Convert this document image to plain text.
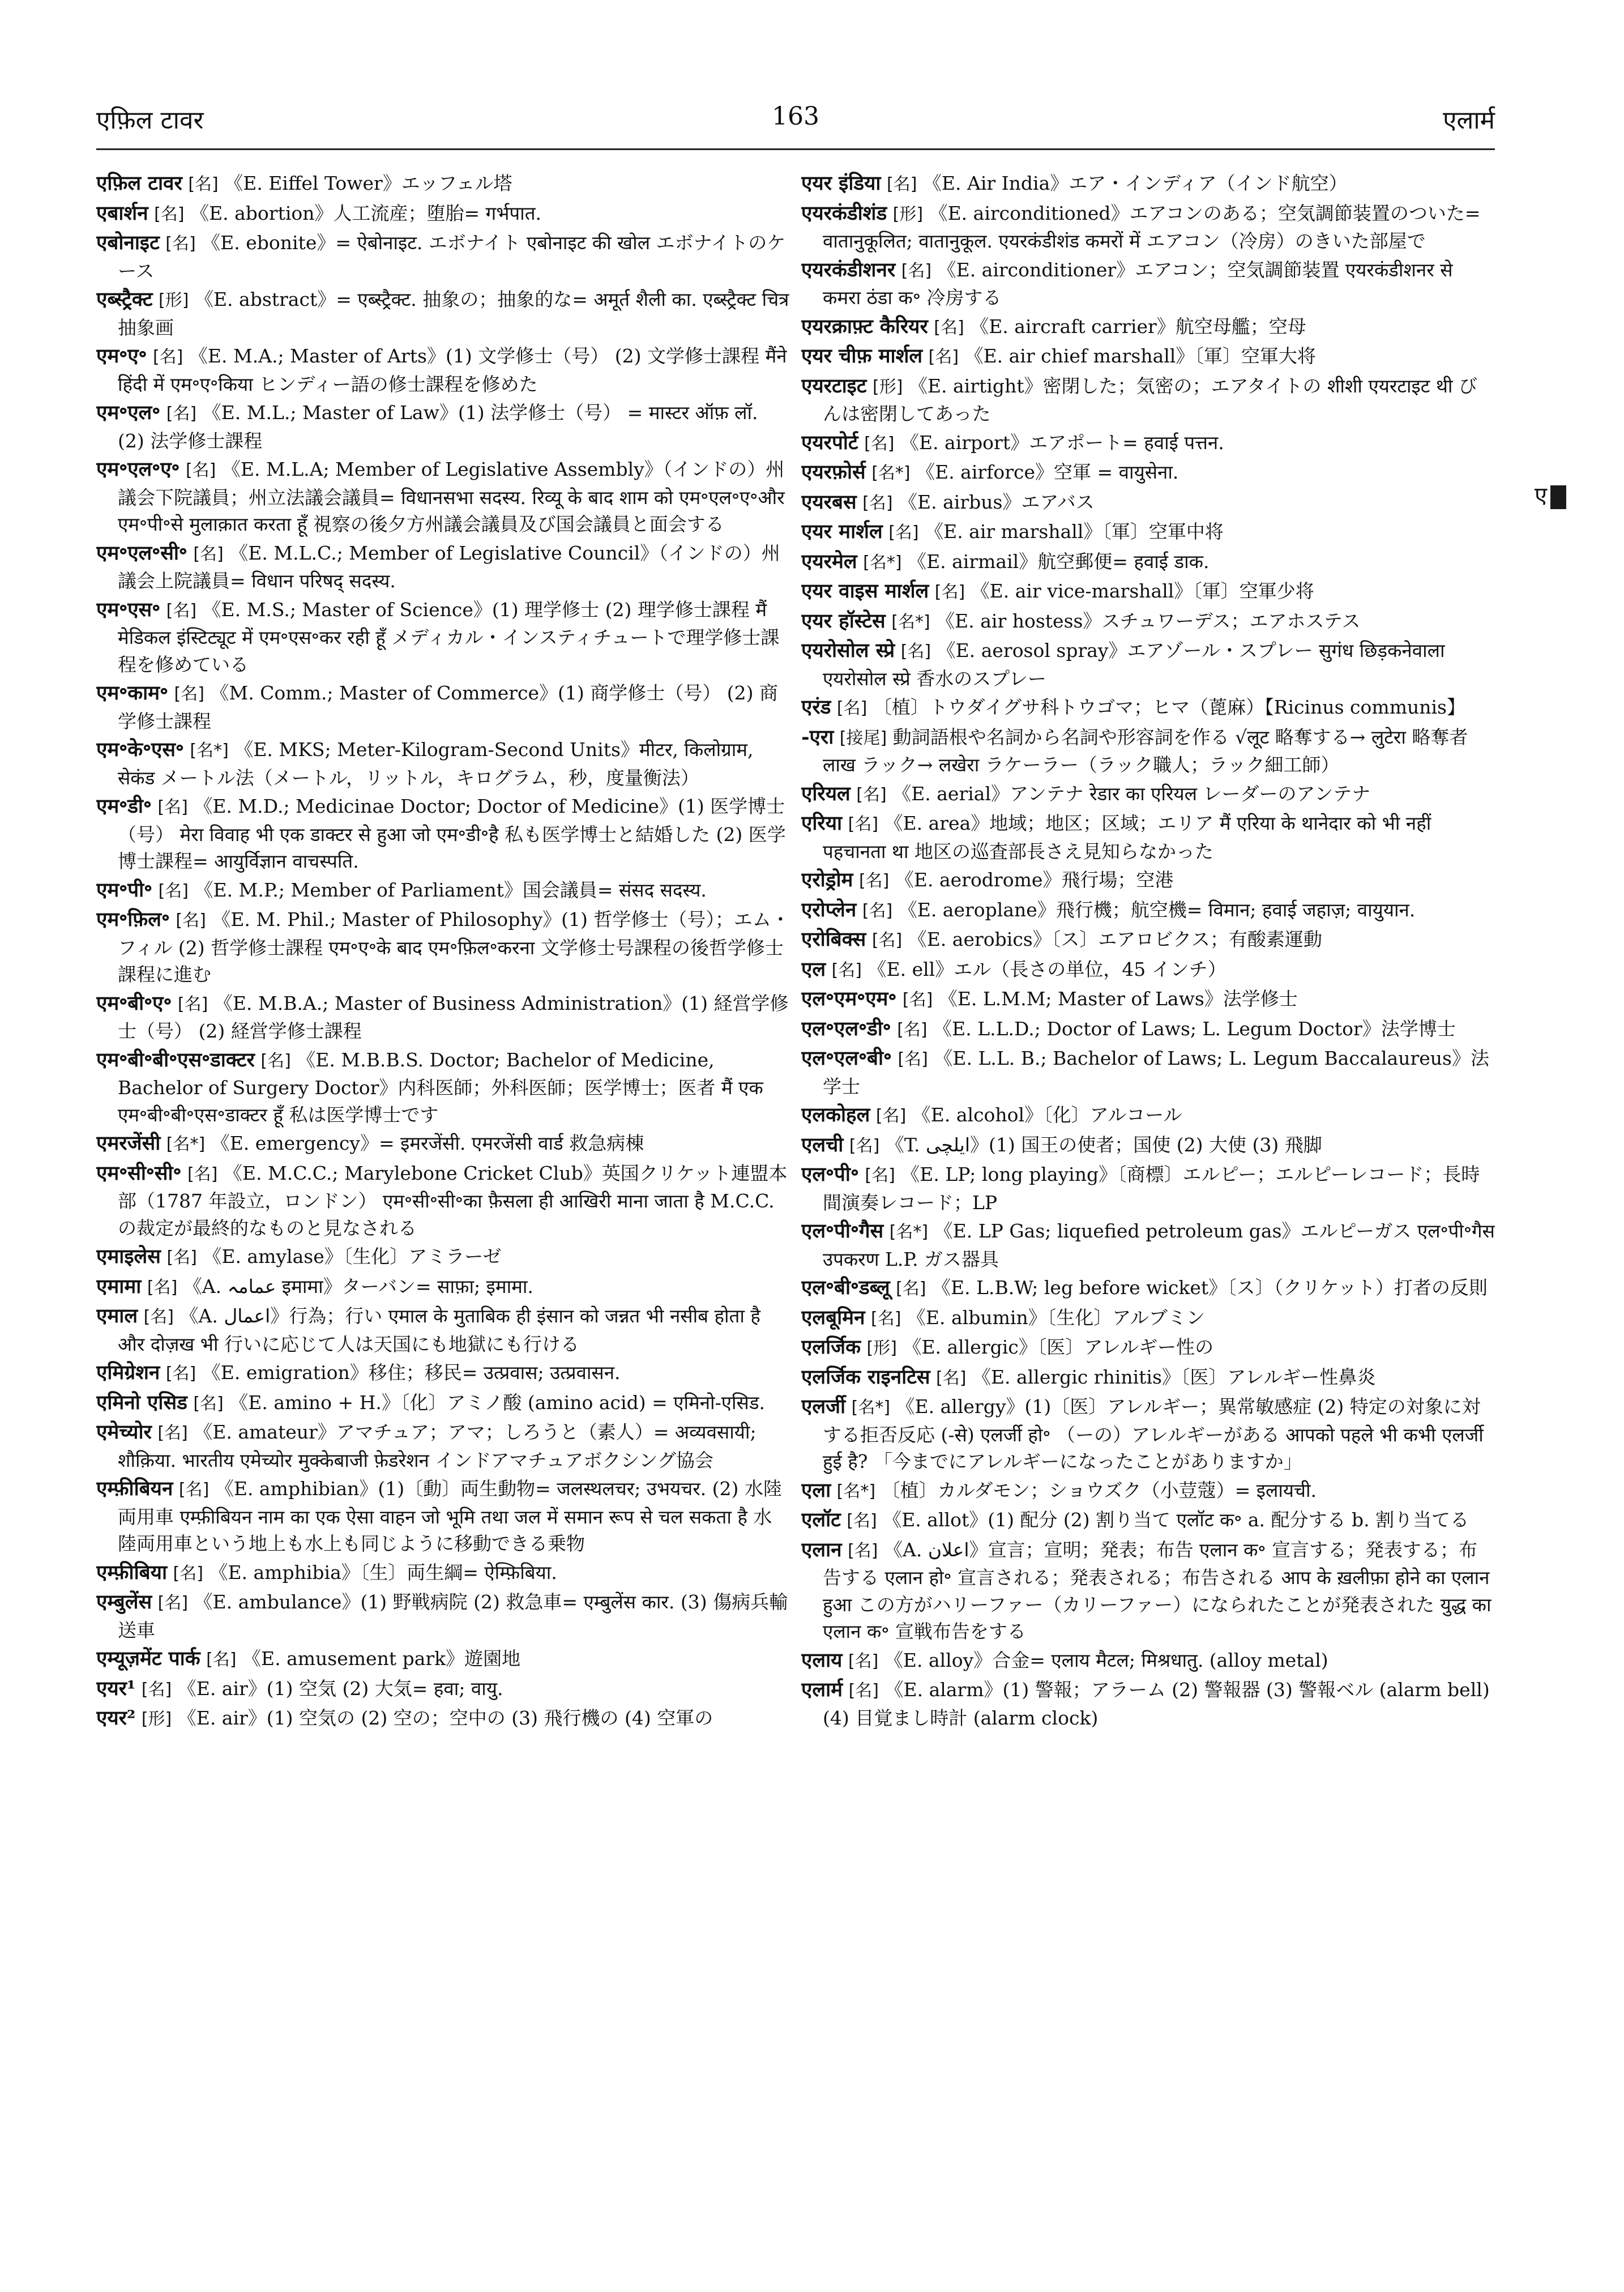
एफ़िल टावर	163	एलार्म

एफ़िल टावर [名] 《E. Eiffel Tower》エッフェル塔

एबार्शन [名] 《E. abortion》人工流産；堕胎= गर्भपात.

एबोनाइट [名] 《E. ebonite》= ऐबोनाइट. エボナイト एबोनाइट की खोल エボナイトのケース

एब्स्ट्रैक्ट [形] 《E. abstract》= एब्स्ट्रैक्ट. 抽象の；抽象的な= अमूर्त शैली का. एब्स्ट्रैक्ट चित्र 抽象画

एम॰ए॰ [名] 《E. M.A.; Master of Arts》(1) 文学修士（号） (2) 文学修士課程 मैंने हिंदी में एम॰ए॰किया ヒンディー語の修士課程を修めた

एम॰एल॰ [名] 《E. M.L.; Master of Law》(1) 法学修士（号） = मास्टर ऑफ़ लॉ. (2) 法学修士課程

एम॰एल॰ए॰ [名] 《E. M.L.A; Member of Legislative Assembly》（インドの）州議会下院議員；州立法議会議員= विधानसभा सदस्य. रिव्यू के बाद शाम को एम॰एल॰ए॰और एम॰पी॰से मुलाक़ात करता हूँ 視察の後夕方州議会議員及び国会議員と面会する

एम॰एल॰सी॰ [名] 《E. M.L.C.; Member of Legislative Council》（インドの）州議会上院議員= विधान परिषद् सदस्य.

एम॰एस॰ [名] 《E. M.S.; Master of Science》(1) 理学修士 (2) 理学修士課程 मैं मेडिकल इंस्टिट्यूट में एम॰एस॰कर रही हूँ メディカル・インスティチュートで理学修士課程を修めている

एम॰काम॰ [名] 《M. Comm.; Master of Commerce》(1) 商学修士（号） (2) 商学修士課程

एम॰के॰एस॰ [名*] 《E. MKS; Meter-Kilogram-Second Units》मीटर, किलोग्राम, सेकंड メートル法（メートル，リットル，キログラム，秒，度量衡法）

एम॰डी॰ [名] 《E. M.D.; Medicinae Doctor; Doctor of Medicine》(1) 医学博士（号） मेरा विवाह भी एक डाक्टर से हुआ जो एम॰डी॰है 私も医学博士と結婚した (2) 医学博士課程= आयुर्विज्ञान वाचस्पति.

एम॰पी॰ [名] 《E. M.P.; Member of Parliament》国会議員= संसद सदस्य.

एम॰फ़िल॰ [名] 《E. M. Phil.; Master of Philosophy》(1) 哲学修士（号）；エム・フィル (2) 哲学修士課程 एम॰ए॰के बाद एम॰फ़िल॰करना 文学修士号課程の後哲学修士課程に進む

एम॰बी॰ए॰ [名] 《E. M.B.A.; Master of Business Administration》(1) 経営学修士（号） (2) 経営学修士課程

एम॰बी॰बी॰एस॰डाक्टर [名] 《E. M.B.B.S. Doctor; Bachelor of Medicine, Bachelor of Surgery Doctor》内科医師；外科医師；医学博士；医者 मैं एक एम॰बी॰बी॰एस॰डाक्टर हूँ 私は医学博士です

एमरजेंसी [名*] 《E. emergency》= इमरजेंसी. एमरजेंसी वार्ड 救急病棟

एम॰सी॰सी॰ [名] 《E. M.C.C.; Marylebone Cricket Club》英国クリケット連盟本部（1787 年設立，ロンドン） एम॰सी॰सी॰का फ़ैसला ही आखिरी माना जाता है M.C.C. の裁定が最終的なものと見なされる

एमाइलेस [名] 《E. amylase》〔生化〕アミラーゼ

एमामा [名] 《A. عمامہ इमामा》ターバン= साफ़ा; इमामा.

एमाल [名] 《A. اعمال》行為；行い एमाल के मुताबिक ही इंसान को जन्नत भी नसीब होता है और दोज़ख भी 行いに応じて人は天国にも地獄にも行ける

एमिग्रेशन [名] 《E. emigration》移住；移民= उत्प्रवास; उत्प्रवासन.

एमिनो एसिड [名] 《E. amino + H.》〔化〕アミノ酸 (amino acid) = एमिनो-एसिड.

एमेच्योर [名] 《E. amateur》アマチュア；アマ；しろうと（素人）= अव्यवसायी; शौक़िया. भारतीय एमेच्योर मुक्केबाजी फ़ेडरेशन インドアマチュアボクシング協会

एम्फ़ीबियन [名] 《E. amphibian》(1)〔動〕両生動物= जलस्थलचर; उभयचर. (2) 水陸両用車 एम्फ़ीबियन नाम का एक ऐसा वाहन जो भूमि तथा जल में समान रूप से चल सकता है 水陸両用車という地上も水上も同じように移動できる乗物

एम्फ़ीबिया [名] 《E. amphibia》〔生〕両生綱= ऐम्फ़िबिया.

एम्बुलेंस [名] 《E. ambulance》(1) 野戦病院 (2) 救急車= एम्बुलेंस कार. (3) 傷病兵輸送車

एम्यूज़मेंट पार्क [名] 《E. amusement park》遊園地

एयर¹ [名] 《E. air》(1) 空気 (2) 大気= हवा; वायु.

एयर² [形] 《E. air》(1) 空気の (2) 空の；空中の (3) 飛行機の (4) 空軍の

एयर इंडिया [名] 《E. Air India》エア・インディア（インド航空）

एयरकंडीशंड [形] 《E. airconditioned》エアコンのある；空気調節装置のついた= वातानुकूलित; वातानुकूल. एयरकंडीशंड कमरों में エアコン（冷房）のきいた部屋で

एयरकंडीशनर [名] 《E. airconditioner》エアコン；空気調節装置 एयरकंडीशनर से कमरा ठंडा क॰ 冷房する

एयरक्राफ़्ट कैरियर [名] 《E. aircraft carrier》航空母艦；空母

एयर चीफ़ मार्शल [名] 《E. air chief marshall》〔軍〕空軍大将

एयरटाइट [形] 《E. airtight》密閉した；気密の；エアタイトの शीशी एयरटाइट थी びんは密閉してあった

एयरपोर्ट [名] 《E. airport》エアポート= हवाई पत्तन.

एयरफ़ोर्स [名*] 《E. airforce》空軍 = वायुसेना.

एयरबस [名] 《E. airbus》エアバス

एयर मार्शल [名] 《E. air marshall》〔軍〕空軍中将

एयरमेल [名*] 《E. airmail》航空郵便= हवाई डाक.

एयर वाइस मार्शल [名] 《E. air vice-marshall》〔軍〕空軍少将

एयर हॉस्टेस [名*] 《E. air hostess》スチュワーデス；エアホステス

एयरोसोल स्प्रे [名] 《E. aerosol spray》エアゾール・スプレー सुगंध छिड़कनेवाला एयरोसोल स्प्रे 香水のスプレー

एरंड [名] 〔植〕トウダイグサ科トウゴマ；ヒマ（蓖麻）【Ricinus communis】

-एरा [接尾] 動詞語根や名詞から名詞や形容詞を作る √लूट 略奪する→ लुटेरा 略奪者 लाख ラック→ लखेरा ラケーラー（ラック職人；ラック細工師）

एरियल [名] 《E. aerial》アンテナ रेडार का एरियल レーダーのアンテナ

एरिया [名] 《E. area》地域；地区；区域；エリア मैं एरिया के थानेदार को भी नहीं पहचानता था 地区の巡査部長さえ見知らなかった

एरोड्रोम [名] 《E. aerodrome》飛行場；空港

एरोप्लेन [名] 《E. aeroplane》飛行機；航空機= विमान; हवाई जहाज़; वायुयान.

एरोबिक्स [名] 《E. aerobics》〔ス〕エアロビクス；有酸素運動

एल [名] 《E. ell》エル（長さの単位，45 インチ）

एल॰एम॰एम॰ [名] 《E. L.M.M; Master of Laws》法学修士

एल॰एल॰डी॰ [名] 《E. L.L.D.; Doctor of Laws; L. Legum Doctor》法学博士

एल॰एल॰बी॰ [名] 《E. L.L. B.; Bachelor of Laws; L. Legum Baccalaureus》法学士

एलकोहल [名] 《E. alcohol》〔化〕アルコール

एलची [名] 《T. ایلچی》(1) 国王の使者；国使 (2) 大使 (3) 飛脚

एल॰पी॰ [名] 《E. LP; long playing》〔商標〕エルピー；エルピーレコード；長時間演奏レコード；LP

एल॰पी॰गैस [名*] 《E. LP Gas; liquefied petroleum gas》エルピーガス एल॰पी॰गैस उपकरण L.P. ガス器具

एल॰बी॰डब्लू [名] 《E. L.B.W; leg before wicket》〔ス〕（クリケット）打者の反則

एलबूमिन [名] 《E. albumin》〔生化〕アルブミン

एलर्जिक [形] 《E. allergic》〔医〕アレルギー性の

एलर्जिक राइनटिस [名] 《E. allergic rhinitis》〔医〕アレルギー性鼻炎

एलर्जी [名*] 《E. allergy》(1)〔医〕アレルギー；異常敏感症 (2) 特定の対象に対する拒否反応 (-से) एलर्जी हो॰ （ーの）アレルギーがある आपको पहले भी कभी एलर्जी हुई है? 「今までにアレルギーになったことがありますか」

एला [名*] 〔植〕カルダモン；ショウズク（小荳蔻）= इलायची.

एलॉट [名] 《E. allot》(1) 配分 (2) 割り当て एलॉट क॰ a. 配分する b. 割り当てる

एलान [名] 《A. اعلان》宣言；宣明；発表；布告 एलान क॰ 宣言する；発表する；布告する एलान हो॰ 宣言される；発表される；布告される आप के ख़लीफ़ा होने का एलान हुआ この方がハリーファー（カリーファー）になられたことが発表された युद्ध का एलान क॰ 宣戦布告をする

एलाय [名] 《E. alloy》合金= एलाय मैटल; मिश्रधातु. (alloy metal)

एलार्म [名] 《E. alarm》(1) 警報；アラーム (2) 警報器 (3) 警報ベル (alarm bell) (4) 目覚まし時計 (alarm clock)

ए
